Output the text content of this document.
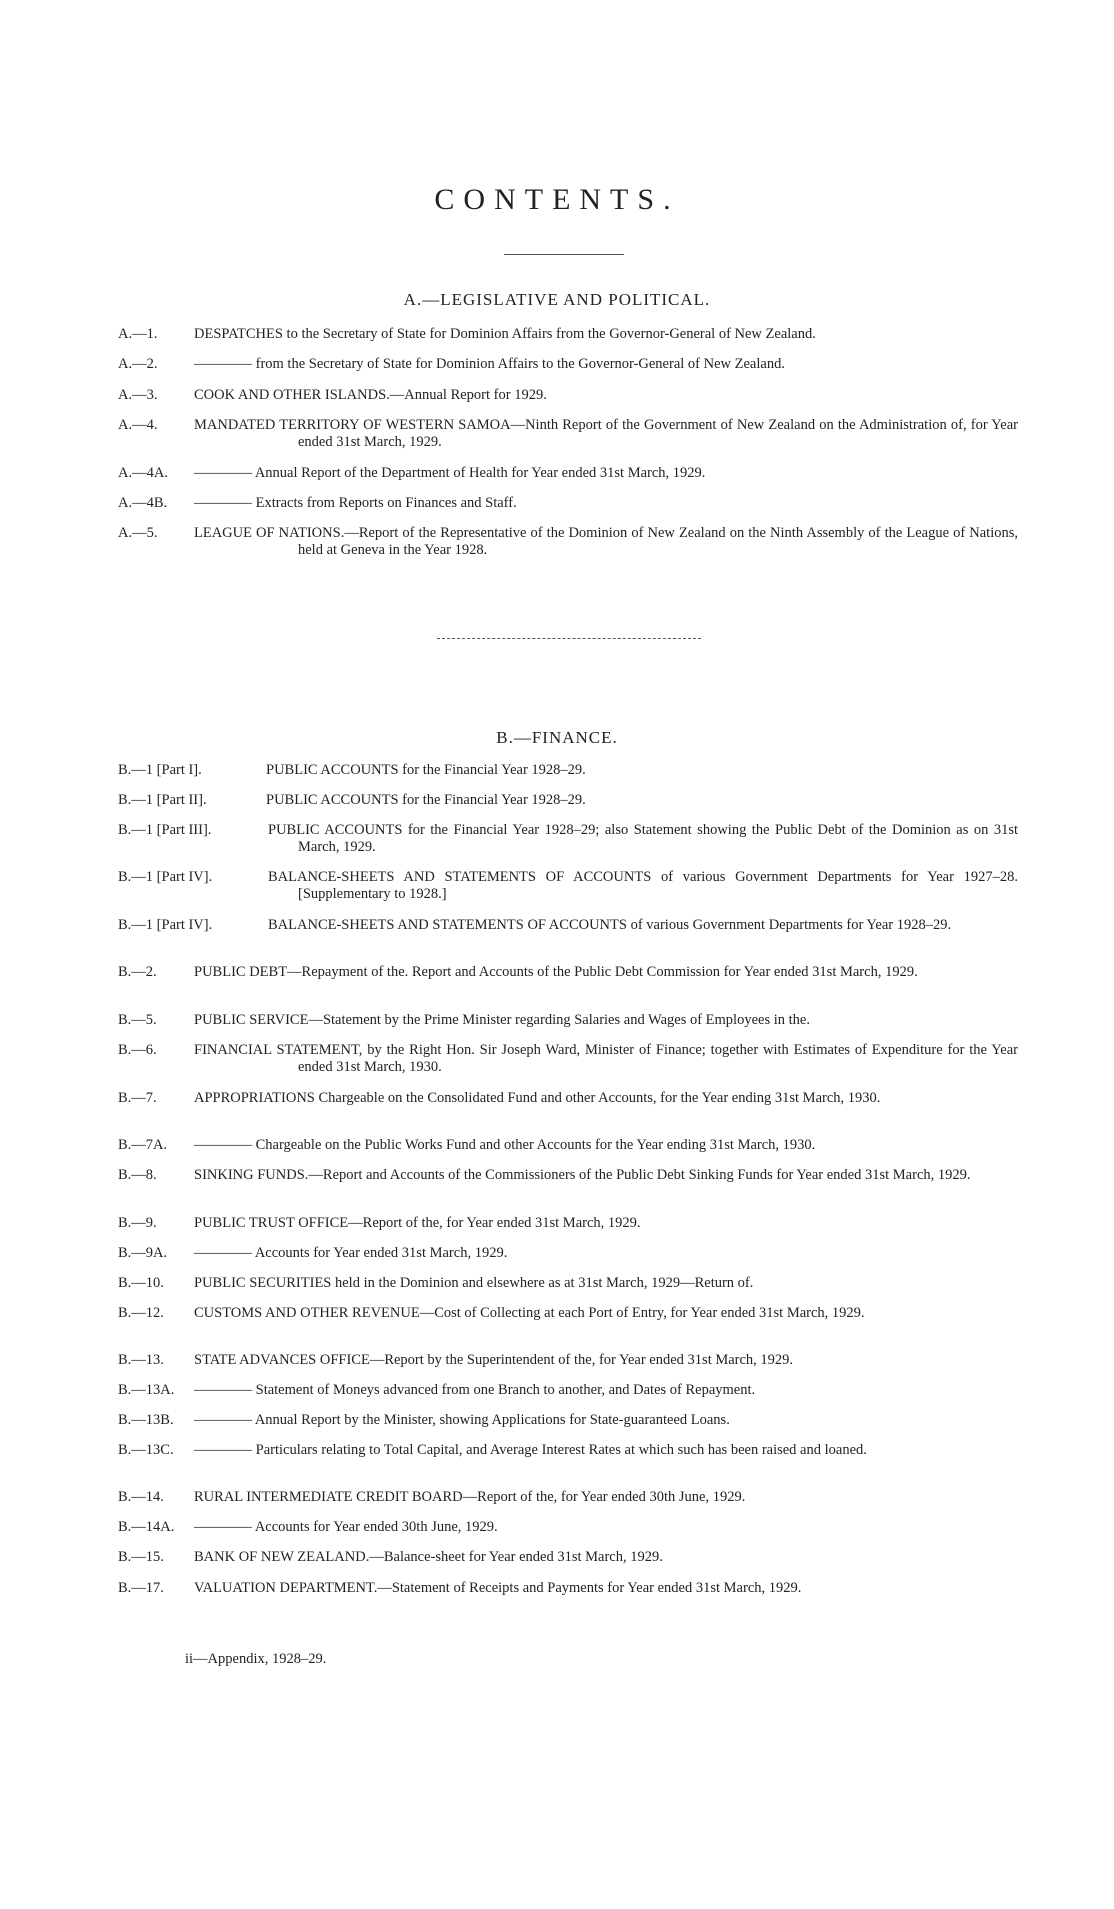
CONTENTS.
A.—LEGISLATIVE AND POLITICAL.
A.—1.	DESPATCHES to the Secretary of State for Dominion Affairs from the Governor-General of New Zealand.
A.—2.	———— from the Secretary of State for Dominion Affairs to the Governor-General of New Zealand.
A.—3.	COOK AND OTHER ISLANDS.—Annual Report for 1929.
A.—4.	MANDATED TERRITORY OF WESTERN SAMOA—Ninth Report of the Government of New Zealand on the Administration of, for Year ended 31st March, 1929.
A.—4A. ———— Annual Report of the Department of Health for Year ended 31st March, 1929.
A.—4B. ———— Extracts from Reports on Finances and Staff.
A.—5.	LEAGUE OF NATIONS.—Report of the Representative of the Dominion of New Zealand on the Ninth Assembly of the League of Nations, held at Geneva in the Year 1928.
B.—FINANCE.
B.—1 [Part I].	PUBLIC ACCOUNTS for the Financial Year 1928–29.
B.—1 [Part II].	PUBLIC ACCOUNTS for the Financial Year 1928–29.
B.—1 [Part III].	PUBLIC ACCOUNTS for the Financial Year 1928–29; also Statement showing the Public Debt of the Dominion as on 31st March, 1929.
B.—1 [Part IV].	BALANCE-SHEETS AND STATEMENTS OF ACCOUNTS of various Government Departments for Year 1927–28. [Supplementary to 1928.]
B.—1 [Part IV].	BALANCE-SHEETS AND STATEMENTS OF ACCOUNTS of various Government Departments for Year 1928–29.
B.—2.	PUBLIC DEBT—Repayment of the. Report and Accounts of the Public Debt Commission for Year ended 31st March, 1929.
B.—5.	PUBLIC SERVICE—Statement by the Prime Minister regarding Salaries and Wages of Employees in the.
B.—6.	FINANCIAL STATEMENT, by the Right Hon. Sir Joseph Ward, Minister of Finance; together with Estimates of Expenditure for the Year ended 31st March, 1930.
B.—7.	APPROPRIATIONS Chargeable on the Consolidated Fund and other Accounts, for the Year ending 31st March, 1930.
B.—7A. ———— Chargeable on the Public Works Fund and other Accounts for the Year ending 31st March, 1930.
B.—8.	SINKING FUNDS.—Report and Accounts of the Commissioners of the Public Debt Sinking Funds for Year ended 31st March, 1929.
B.—9.	PUBLIC TRUST OFFICE—Report of the, for Year ended 31st March, 1929.
B.—9A. ———— Accounts for Year ended 31st March, 1929.
B.—10. PUBLIC SECURITIES held in the Dominion and elsewhere as at 31st March, 1929—Return of.
B.—12. CUSTOMS AND OTHER REVENUE—Cost of Collecting at each Port of Entry, for Year ended 31st March, 1929.
B.—13. STATE ADVANCES OFFICE—Report by the Superintendent of the, for Year ended 31st March, 1929.
B.—13A. ———— Statement of Moneys advanced from one Branch to another, and Dates of Repayment.
B.—13B. ———— Annual Report by the Minister, showing Applications for State-guaranteed Loans.
B.—13C. ———— Particulars relating to Total Capital, and Average Interest Rates at which such has been raised and loaned.
B.—14. RURAL INTERMEDIATE CREDIT BOARD—Report of the, for Year ended 30th June, 1929.
B.—14A. ———— Accounts for Year ended 30th June, 1929.
B.—15. BANK OF NEW ZEALAND.—Balance-sheet for Year ended 31st March, 1929.
B.—17. VALUATION DEPARTMENT.—Statement of Receipts and Payments for Year ended 31st March, 1929.
ii—Appendix, 1928–29.
